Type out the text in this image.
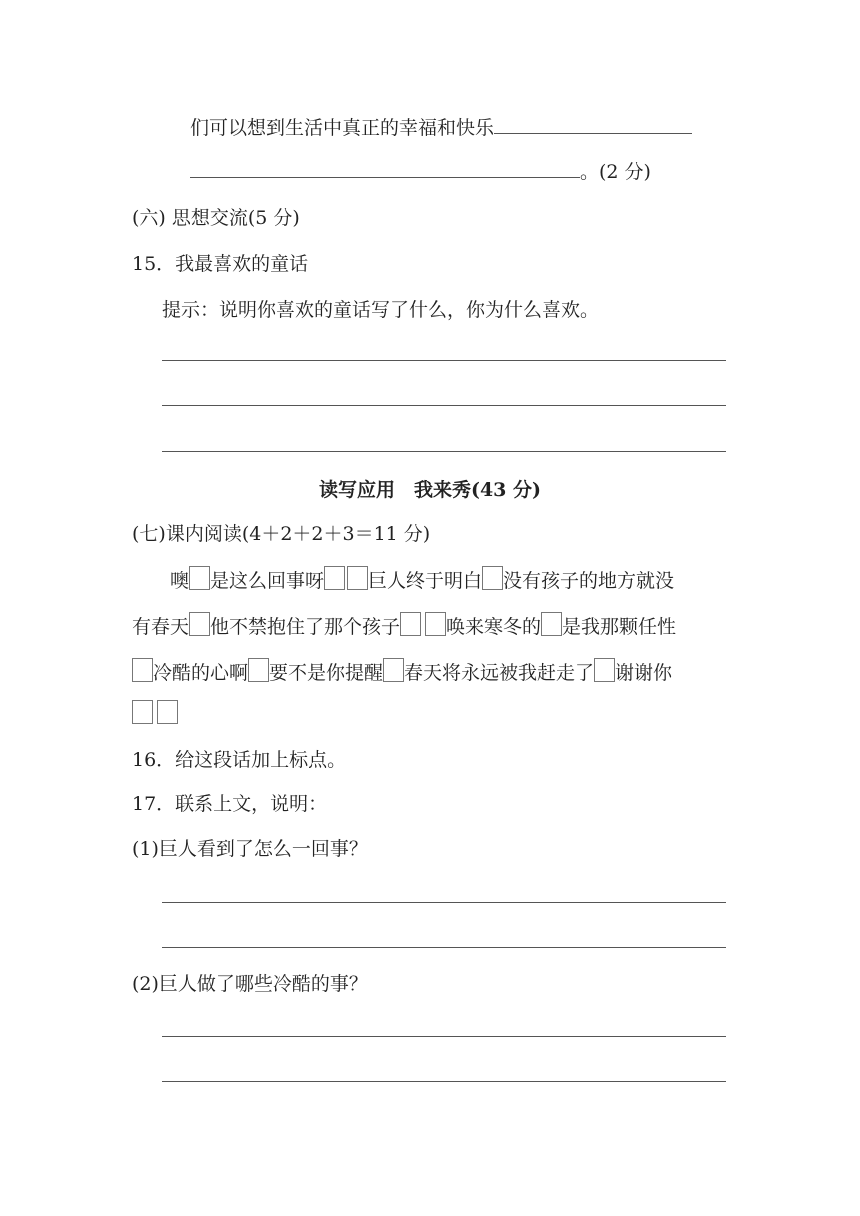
们可以想到生活中真正的幸福和快乐
。(2 分)
(六) 思想交流(5 分)
15．我最喜欢的童话
提示：说明你喜欢的童话写了什么，你为什么喜欢。
读写应用　我来秀(43 分)
(七)课内阅读(4＋2＋2＋3＝11 分)
噢 是这么回事呀 巨人终于明白 没有孩子的地方就没
有春天 他不禁抱住了那个孩子 唤来寒冬的 是我那颗任性
冷酷的心啊 要不是你提醒 春天将永远被我赶走了 谢谢你
16．给这段话加上标点。
17．联系上文，说明：
(1)巨人看到了怎么一回事？
(2)巨人做了哪些冷酷的事？
